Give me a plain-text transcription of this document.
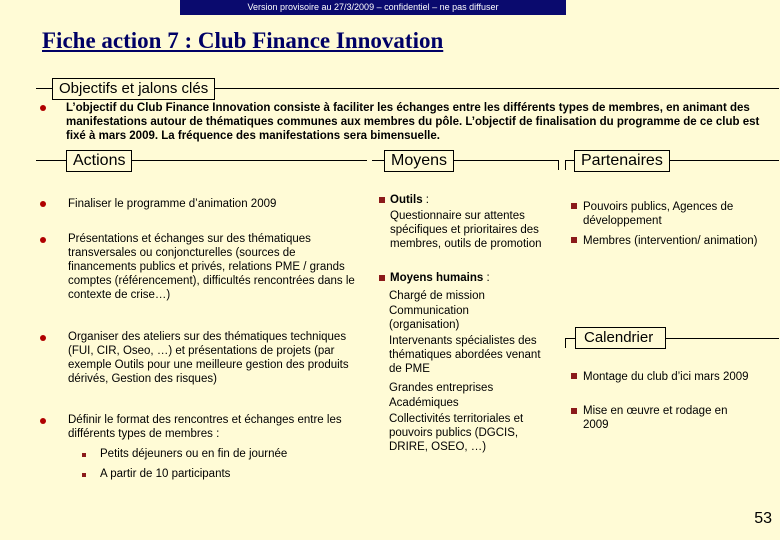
Version provisoire au 27/3/2009 – confidentiel – ne pas diffuser
Fiche action 7 : Club Finance Innovation
Objectifs et jalons clés
L’objectif du Club Finance Innovation consiste à faciliter les échanges entre les différents types de membres, en animant des manifestations autour de thématiques communes aux membres du pôle. L’objectif de finalisation du programme de ce club est fixé à mars 2009. La fréquence des manifestations sera bimensuelle.
Actions
Finaliser le programme d’animation 2009
Présentations et échanges sur des thématiques transversales ou conjoncturelles (sources de financements publics et privés, relations PME / grands comptes (référencement), difficultés rencontrées dans le contexte de crise…)
Organiser des ateliers sur des thématiques techniques (FUI, CIR, Oseo, …) et présentations de projets (par exemple Outils pour une meilleure gestion des produits dérivés, Gestion des risques)
Définir le format des rencontres et échanges entre les différents types de membres :
Petits déjeuners ou en fin de journée
A partir de 10 participants
Moyens
Outils :
Questionnaire sur attentes spécifiques et prioritaires des membres, outils de promotion
Moyens humains :
Chargé de mission
Communication (organisation)
Intervenants spécialistes des thématiques abordées venant de PME
Grandes entreprises
Académiques
Collectivités territoriales et pouvoirs publics (DGCIS, DRIRE, OSEO, …)
Partenaires
Pouvoirs publics, Agences de développement
Membres (intervention/ animation)
Calendrier
Montage du club d’ici mars 2009
Mise en œuvre et rodage en 2009
53
